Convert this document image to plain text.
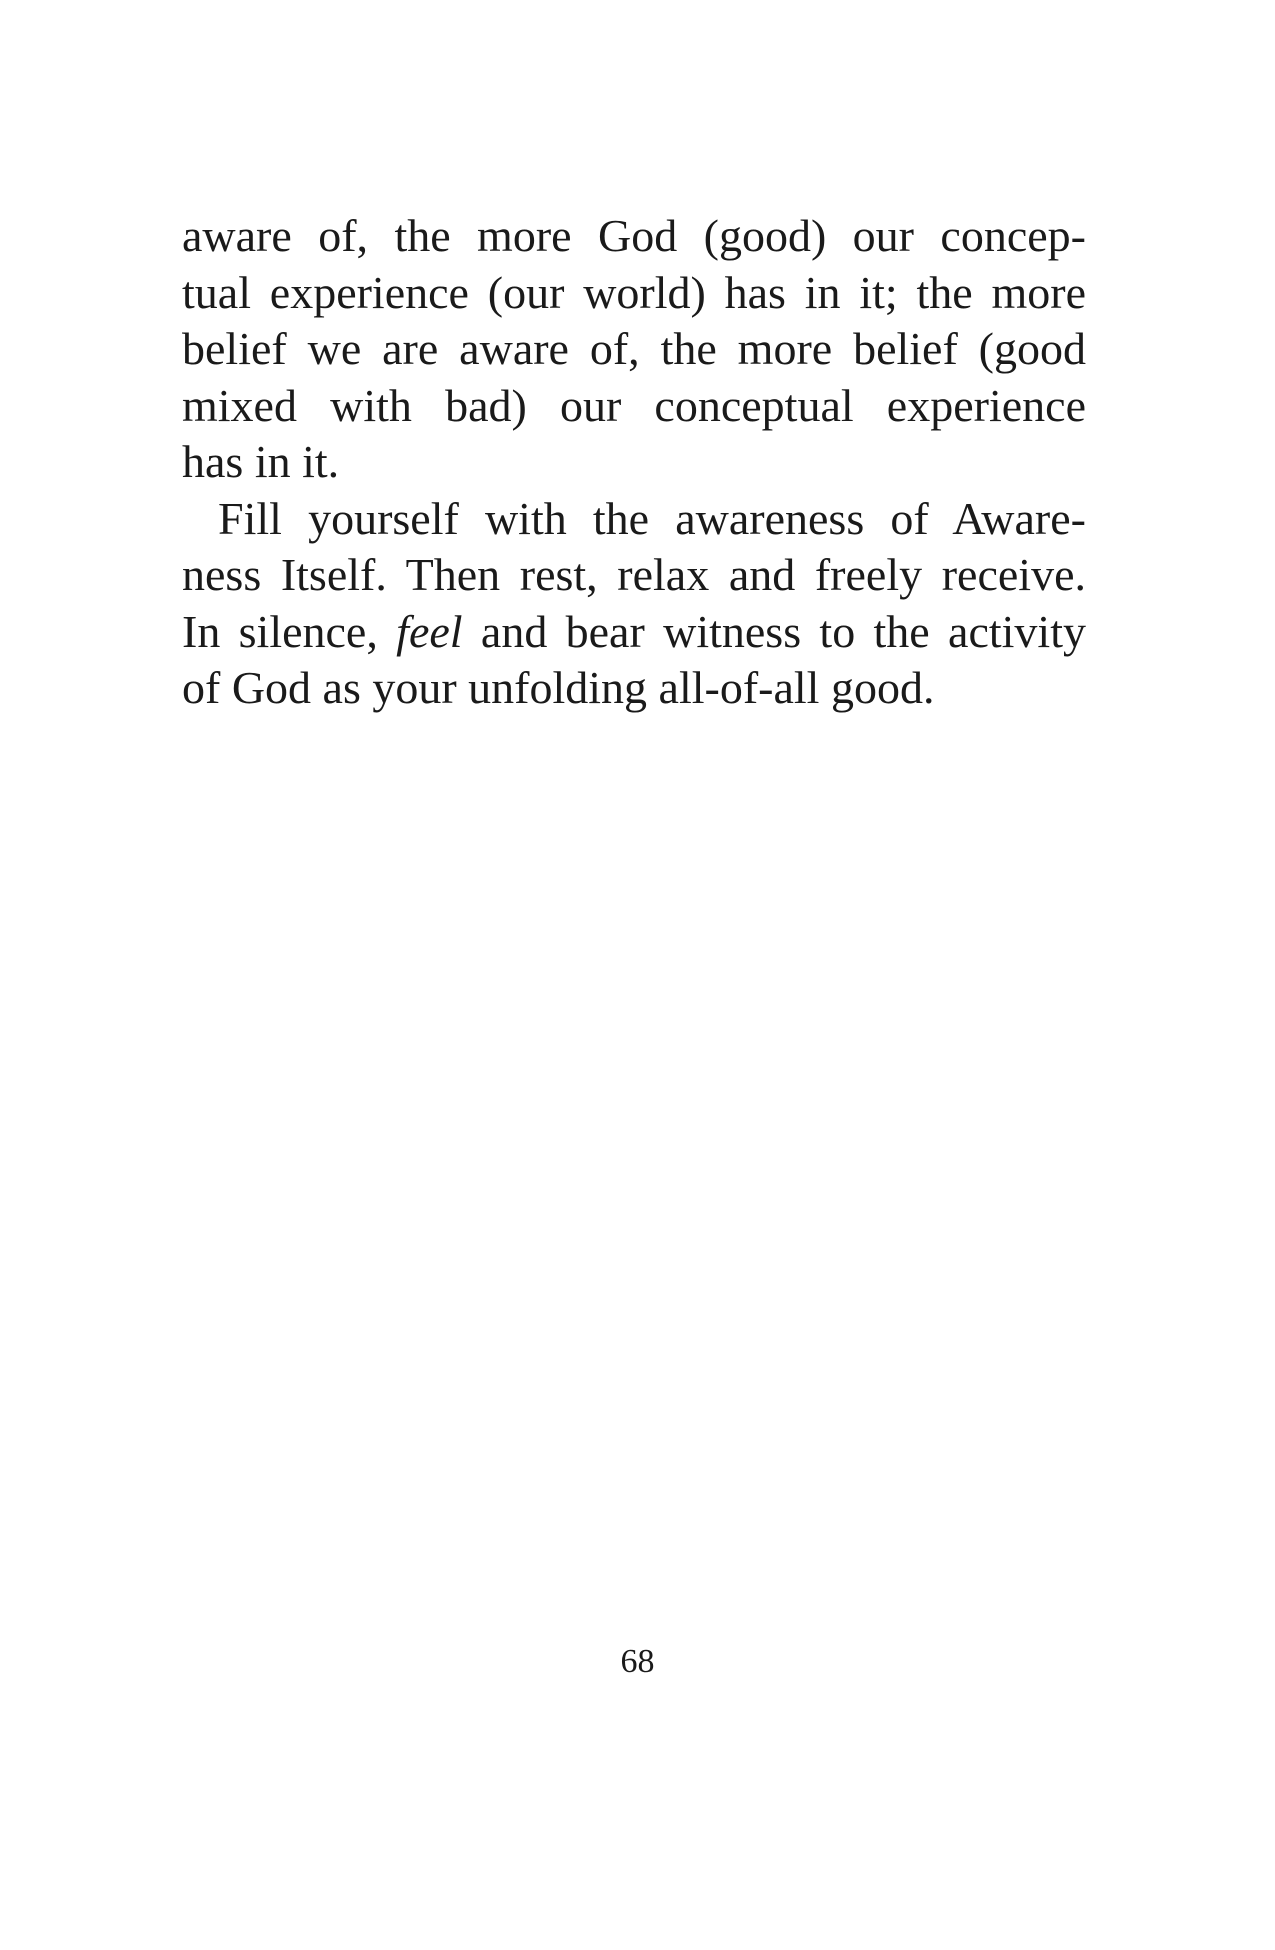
aware of, the more God (good) our concep-
tual experience (our world) has in it; the more
belief we are aware of, the more belief (good
mixed with bad) our conceptual experience
has in it.

Fill yourself with the awareness of Aware-
ness Itself. Then rest, relax and freely receive.
In silence, feel and bear witness to the activity
of God as your unfolding all-of-all good.

68
